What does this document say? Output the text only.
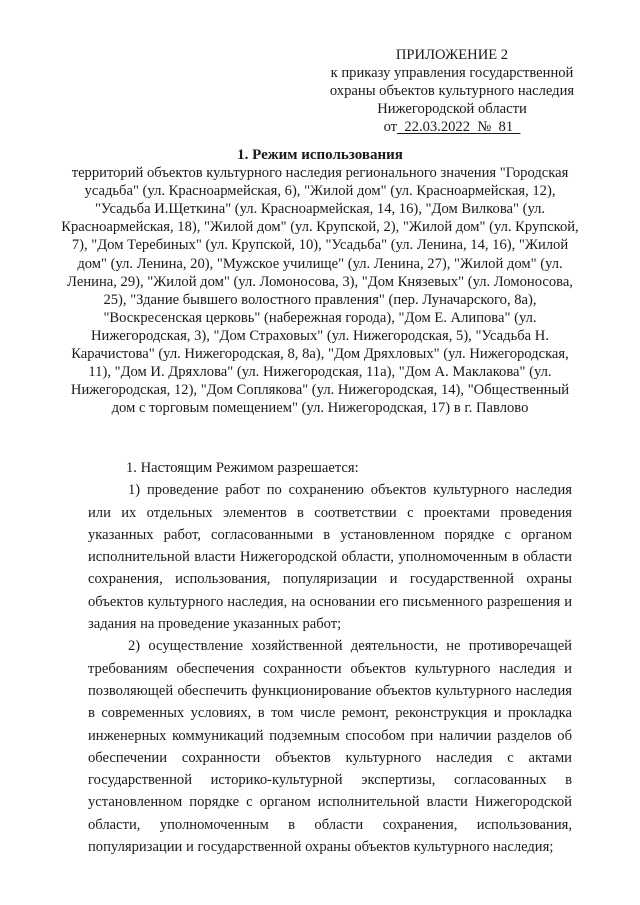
ПРИЛОЖЕНИЕ 2
к приказу управления государственной
охраны объектов культурного наследия
Нижегородской области
от  22.03.2022  №  81
1. Режим использования
территорий объектов культурного наследия регионального значения "Городская усадьба" (ул. Красноармейская, 6), "Жилой дом" (ул. Красноармейская, 12), "Усадьба И.Щеткина" (ул. Красноармейская, 14, 16), "Дом Вилкова" (ул. Красноармейская, 18), "Жилой дом" (ул. Крупской, 2), "Жилой дом" (ул. Крупской, 7), "Дом Теребиных" (ул. Крупской, 10), "Усадьба" (ул. Ленина, 14, 16), "Жилой дом" (ул. Ленина, 20), "Мужское училище" (ул. Ленина, 27), "Жилой дом" (ул. Ленина, 29), "Жилой дом" (ул. Ломоносова, 3), "Дом Князевых" (ул. Ломоносова, 25), "Здание бывшего волостного правления" (пер. Луначарского, 8а), "Воскресенская церковь" (набережная города), "Дом Е. Алипова" (ул. Нижегородская, 3), "Дом Страховых" (ул. Нижегородская, 5), "Усадьба Н. Карачистова" (ул. Нижегородская, 8, 8а), "Дом Дряхловых" (ул. Нижегородская, 11), "Дом И. Дряхлова" (ул. Нижегородская, 11а), "Дом А. Маклакова" (ул. Нижегородская, 12), "Дом Соплякова" (ул. Нижегородская, 14), "Общественный дом с торговым помещением" (ул. Нижегородская, 17) в г. Павлово

1. Настоящим Режимом разрешается:

1) проведение работ по сохранению объектов культурного наследия или их отдельных элементов в соответствии с проектами проведения указанных работ, согласованными в установленном порядке с органом исполнительной власти Нижегородской области, уполномоченным в области сохранения, использования, популяризации и государственной охраны объектов культурного наследия, на основании его письменного разрешения и задания на проведение указанных работ;

2) осуществление хозяйственной деятельности, не противоречащей требованиям обеспечения сохранности объектов культурного наследия и позволяющей обеспечить функционирование объектов культурного наследия в современных условиях, в том числе ремонт, реконструкция и прокладка инженерных коммуникаций подземным способом при наличии разделов об обеспечении сохранности объектов культурного наследия с актами государственной историко-культурной экспертизы, согласованных в установленном порядке с органом исполнительной власти Нижегородской области, уполномоченным в области сохранения, использования, популяризации и государственной охраны объектов культурного наследия;
